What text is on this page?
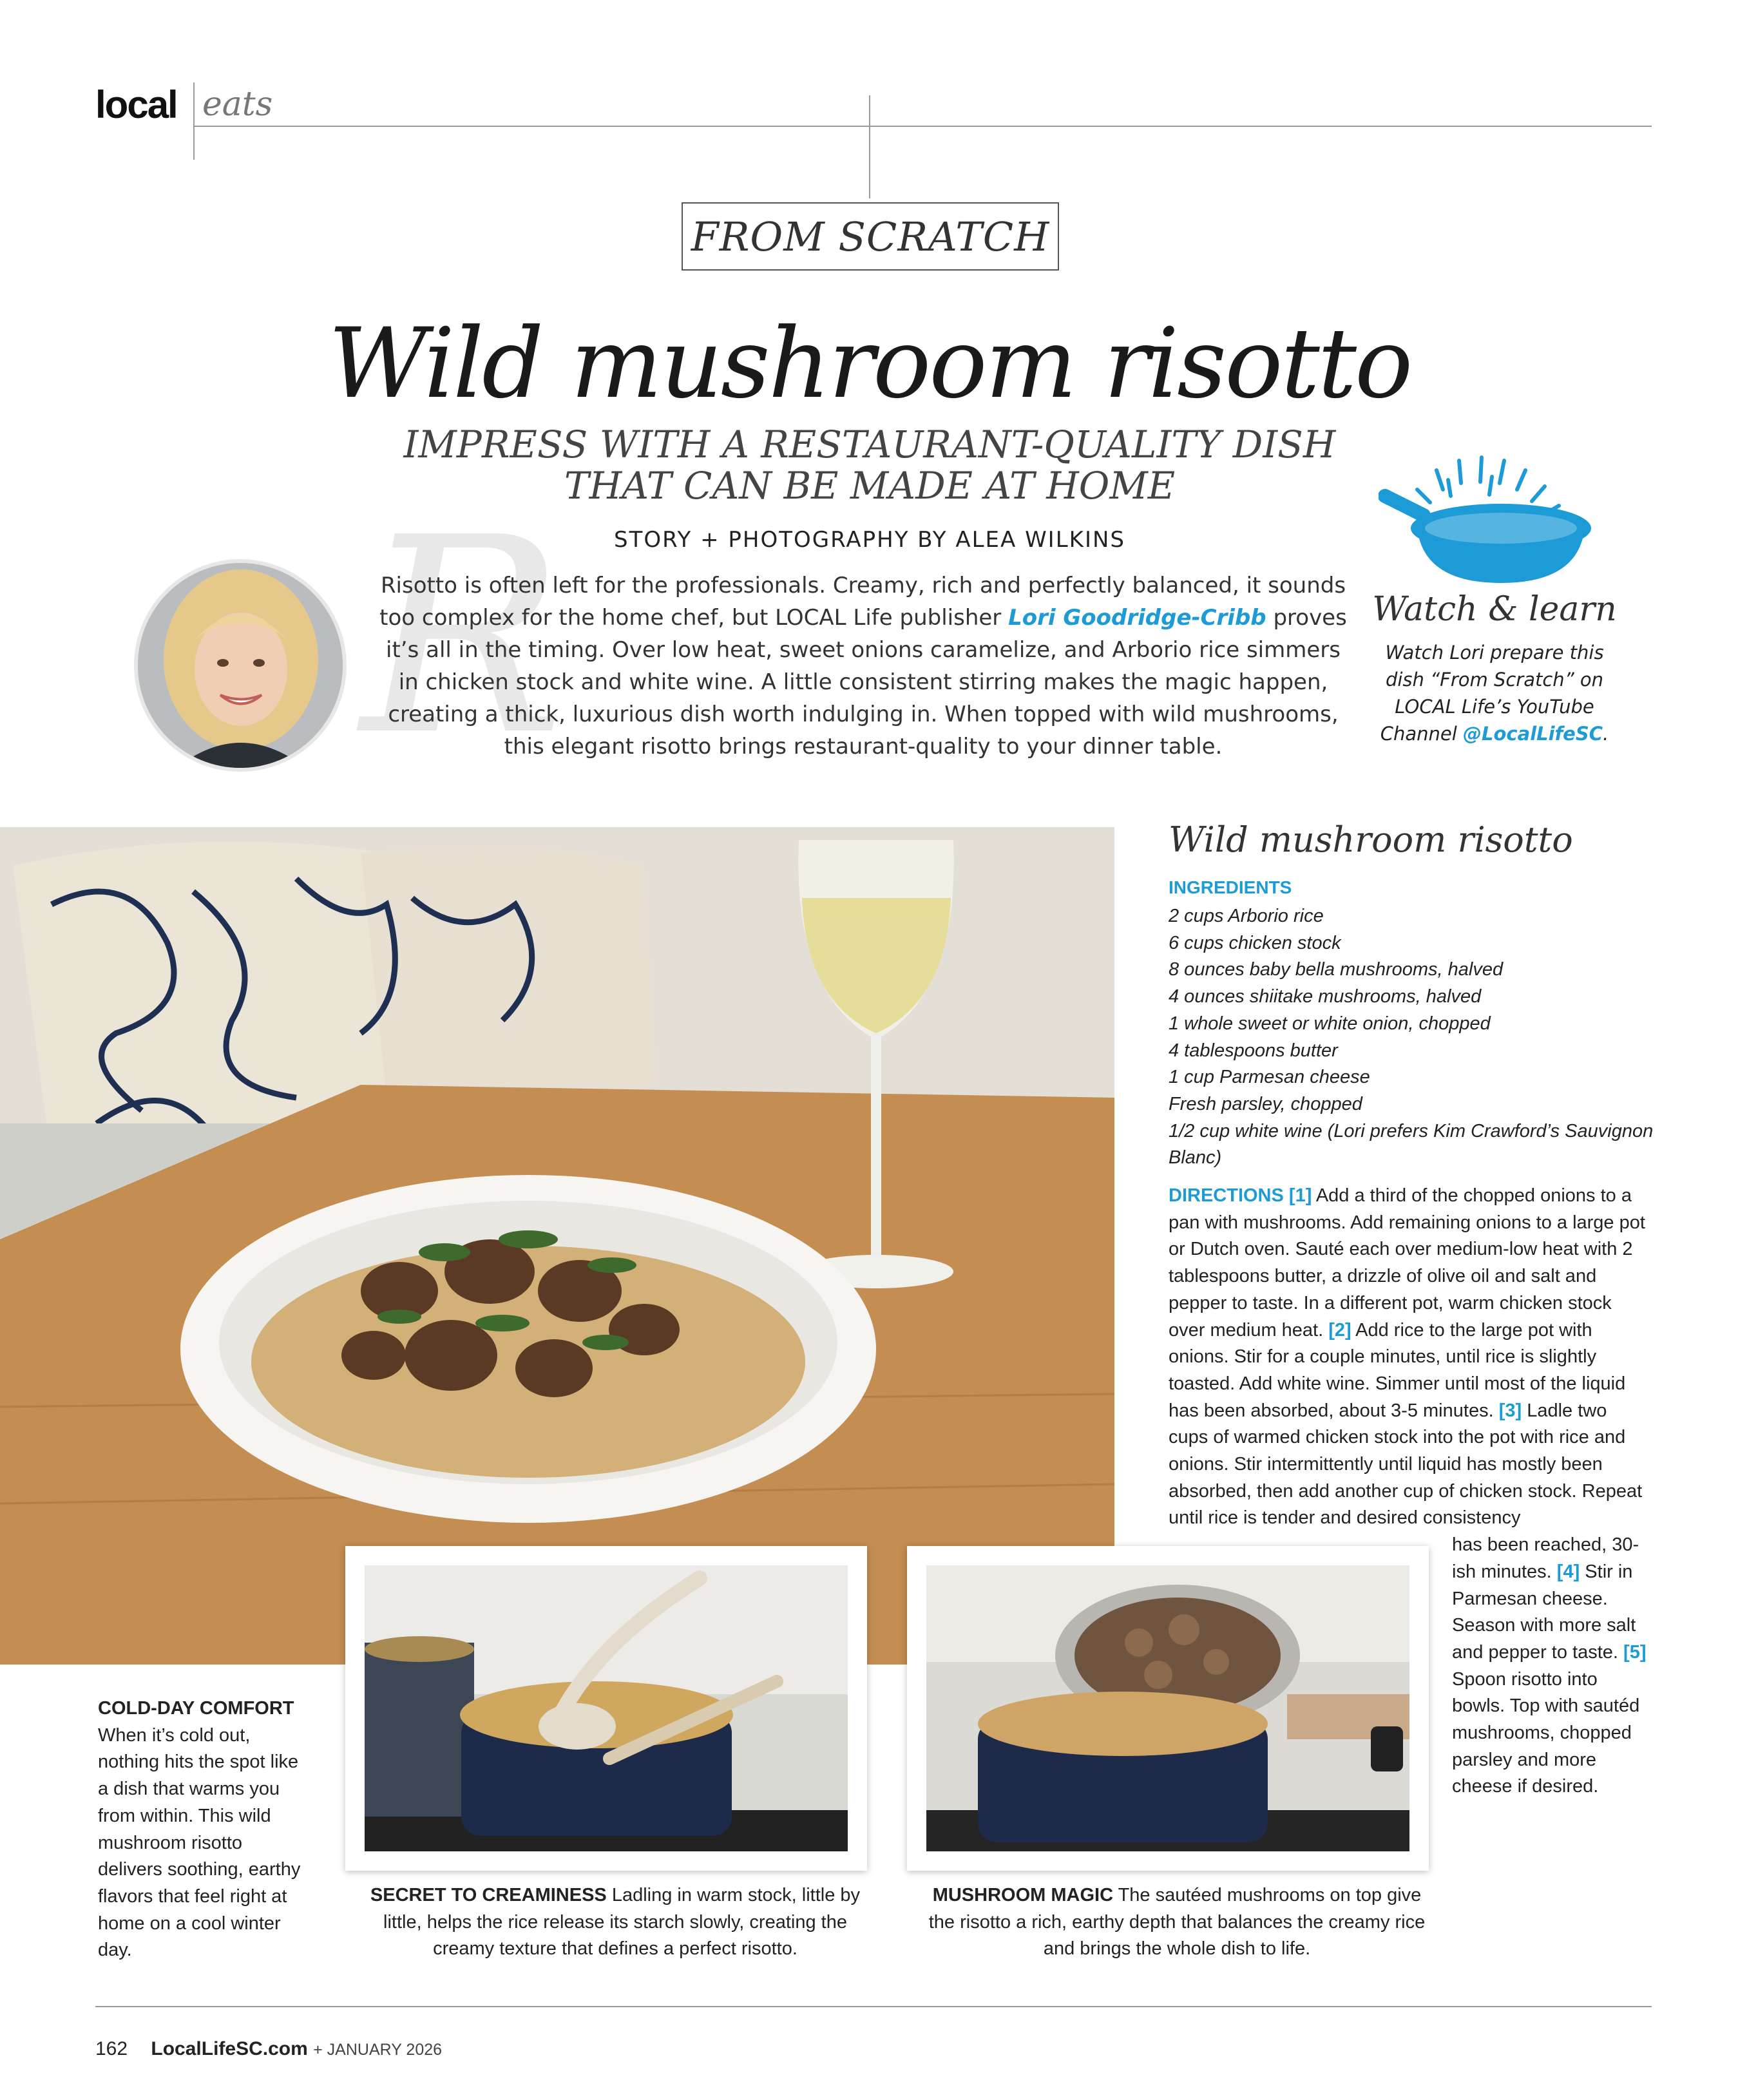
local eats
FROM SCRATCH
Wild mushroom risotto
IMPRESS WITH A RESTAURANT-QUALITY DISH THAT CAN BE MADE AT HOME
STORY + PHOTOGRAPHY BY ALEA WILKINS
R
Risotto is often left for the professionals. Creamy, rich and perfectly balanced, it sounds too complex for the home chef, but LOCAL Life publisher Lori Goodridge-Cribb proves it’s all in the timing. Over low heat, sweet onions caramelize, and Arborio rice simmers in chicken stock and white wine. A little consistent stirring makes the magic happen, creating a thick, luxurious dish worth indulging in. When topped with wild mushrooms, this elegant risotto brings restaurant-quality to your dinner table.
Watch & learn
Watch Lori prepare this dish “From Scratch” on LOCAL Life’s YouTube Channel @LocalLifeSC.
Wild mushroom risotto
INGREDIENTS
2 cups Arborio rice
6 cups chicken stock
8 ounces baby bella mushrooms, halved
4 ounces shiitake mushrooms, halved
1 whole sweet or white onion, chopped
4 tablespoons butter
1 cup Parmesan cheese
Fresh parsley, chopped
1/2 cup white wine (Lori prefers Kim Crawford’s Sauvignon Blanc)
DIRECTIONS [1] Add a third of the chopped onions to a pan with mushrooms. Add remaining onions to a large pot or Dutch oven. Sauté each over medium-low heat with 2 tablespoons butter, a drizzle of olive oil and salt and pepper to taste. In a different pot, warm chicken stock over medium heat. [2] Add rice to the large pot with onions. Stir for a couple minutes, until rice is slightly toasted. Add white wine. Simmer until most of the liquid has been absorbed, about 3-5 minutes. [3] Ladle two cups of warmed chicken stock into the pot with rice and onions. Stir intermittently until liquid has mostly been absorbed, then add another cup of chicken stock. Repeat until rice is tender and desired consistency
has been reached, 30-ish minutes. [4] Stir in Parmesan cheese. Season with more salt and pepper to taste. [5] Spoon risotto into bowls. Top with sautéd mushrooms, chopped parsley and more cheese if desired.
COLD-DAY COMFORT
When it’s cold out, nothing hits the spot like a dish that warms you from within. This wild mushroom risotto delivers soothing, earthy flavors that feel right at home on a cool winter day.
SECRET TO CREAMINESS Ladling in warm stock, little by little, helps the rice release its starch slowly, creating the creamy texture that defines a perfect risotto.
MUSHROOM MAGIC The sautéed mushrooms on top give the risotto a rich, earthy depth that balances the creamy rice and brings the whole dish to life.
162 LocalLifeSC.com + JANUARY 2026
